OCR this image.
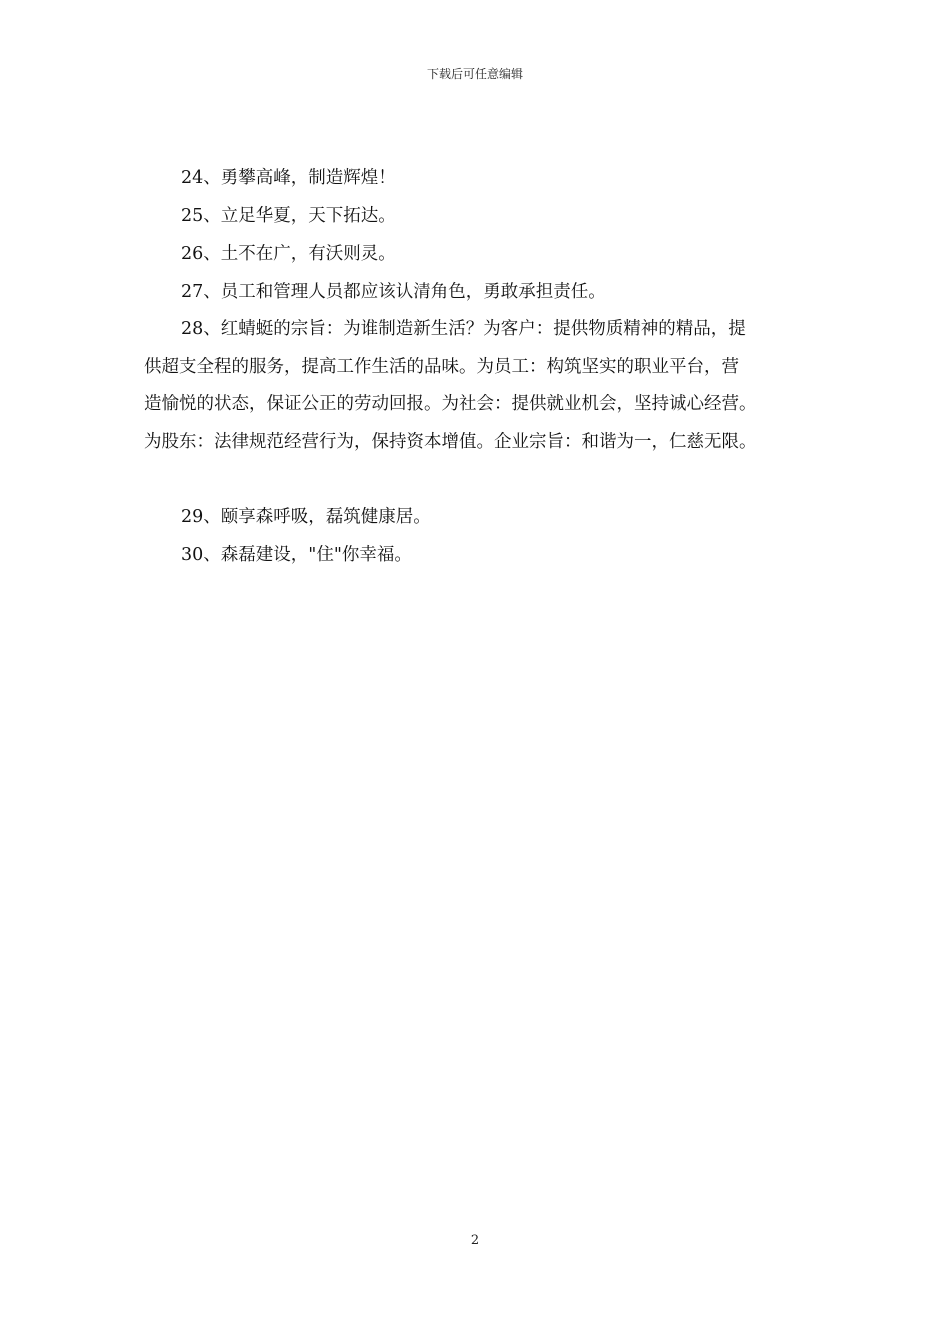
下载后可任意编辑

24、勇攀高峰，制造辉煌！

25、立足华夏，天下拓达。

26、土不在广，有沃则灵。

27、员工和管理人员都应该认清角色，勇敢承担责任。

28、红蜻蜓的宗旨：为谁制造新生活？为客户：提供物质精神的精品，提
供超支全程的服务，提高工作生活的品味。为员工：构筑坚实的职业平台，营
造愉悦的状态，保证公正的劳动回报。为社会：提供就业机会，坚持诚心经营。
为股东：法律规范经营行为，保持资本增值。企业宗旨：和谐为一，仁慈无限。

29、颐享森呼吸，磊筑健康居。

30、森磊建设，"住"你幸福。

2
